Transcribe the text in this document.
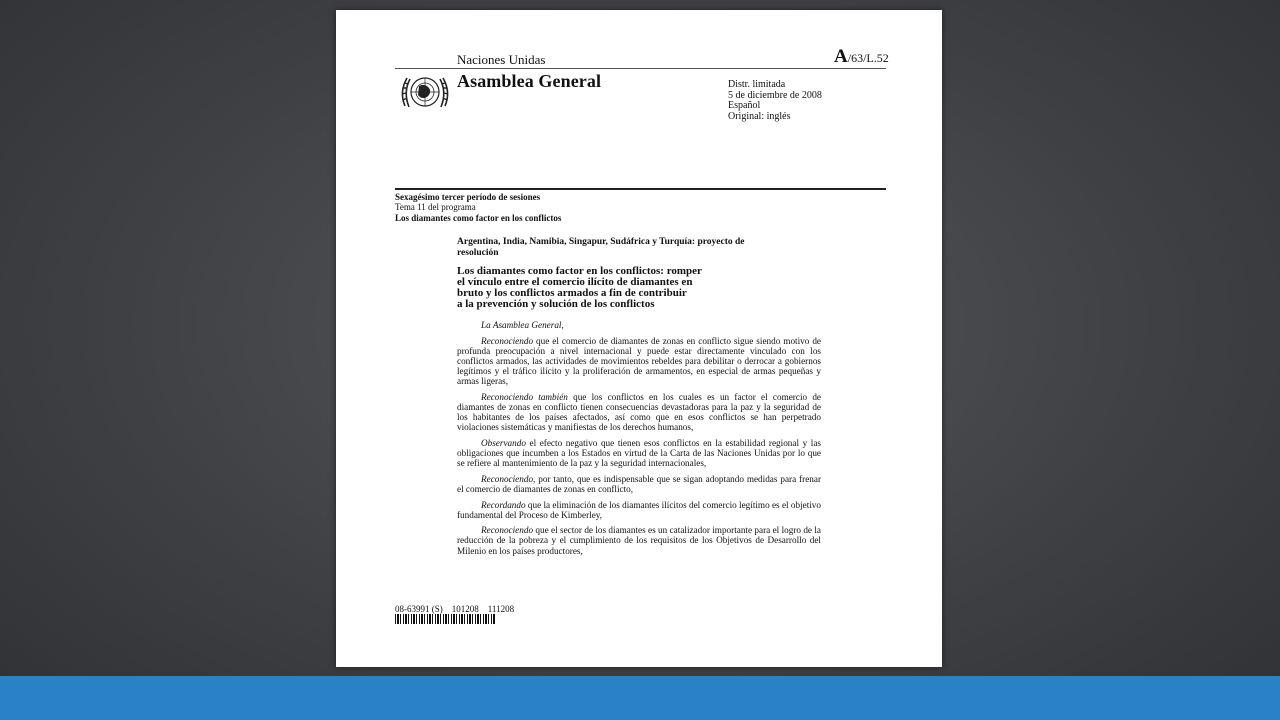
Naciones Unidas	A/63/L.52
Asamblea General	Distr. limitada
5 de diciembre de 2008
Español
Original: inglés
Sexagésimo tercer período de sesiones
Tema 11 del programa
Los diamantes como factor en los conflictos
Argentina, India, Namibia, Singapur, Sudáfrica y Turquía: proyecto de resolución
Los diamantes como factor en los conflictos: romper
el vínculo entre el comercio ilícito de diamantes en
bruto y los conflictos armados a fin de contribuir
a la prevención y solución de los conflictos

La Asamblea General,

Reconociendo que el comercio de diamantes de zonas en conflicto sigue siendo motivo de profunda preocupación a nivel internacional y puede estar directamente vinculado con los conflictos armados, las actividades de movimientos rebeldes para debilitar o derrocar a gobiernos legítimos y el tráfico ilícito y la proliferación de armamentos, en especial de armas pequeñas y armas ligeras,

Reconociendo también que los conflictos en los cuales es un factor el comercio de diamantes de zonas en conflicto tienen consecuencias devastadoras para la paz y la seguridad de los habitantes de los países afectados, así como que en esos conflictos se han perpetrado violaciones sistemáticas y manifiestas de los derechos humanos,

Observando el efecto negativo que tienen esos conflictos en la estabilidad regional y las obligaciones que incumben a los Estados en virtud de la Carta de las Naciones Unidas por lo que se refiere al mantenimiento de la paz y la seguridad internacionales,

Reconociendo, por tanto, que es indispensable que se sigan adoptando medidas para frenar el comercio de diamantes de zonas en conflicto,

Recordando que la eliminación de los diamantes ilícitos del comercio legítimo es el objetivo fundamental del Proceso de Kimberley,

Reconociendo que el sector de los diamantes es un catalizador importante para el logro de la reducción de la pobreza y el cumplimiento de los requisitos de los Objetivos de Desarrollo del Milenio en los países productores,

08-63991 (S)    101208    111208
